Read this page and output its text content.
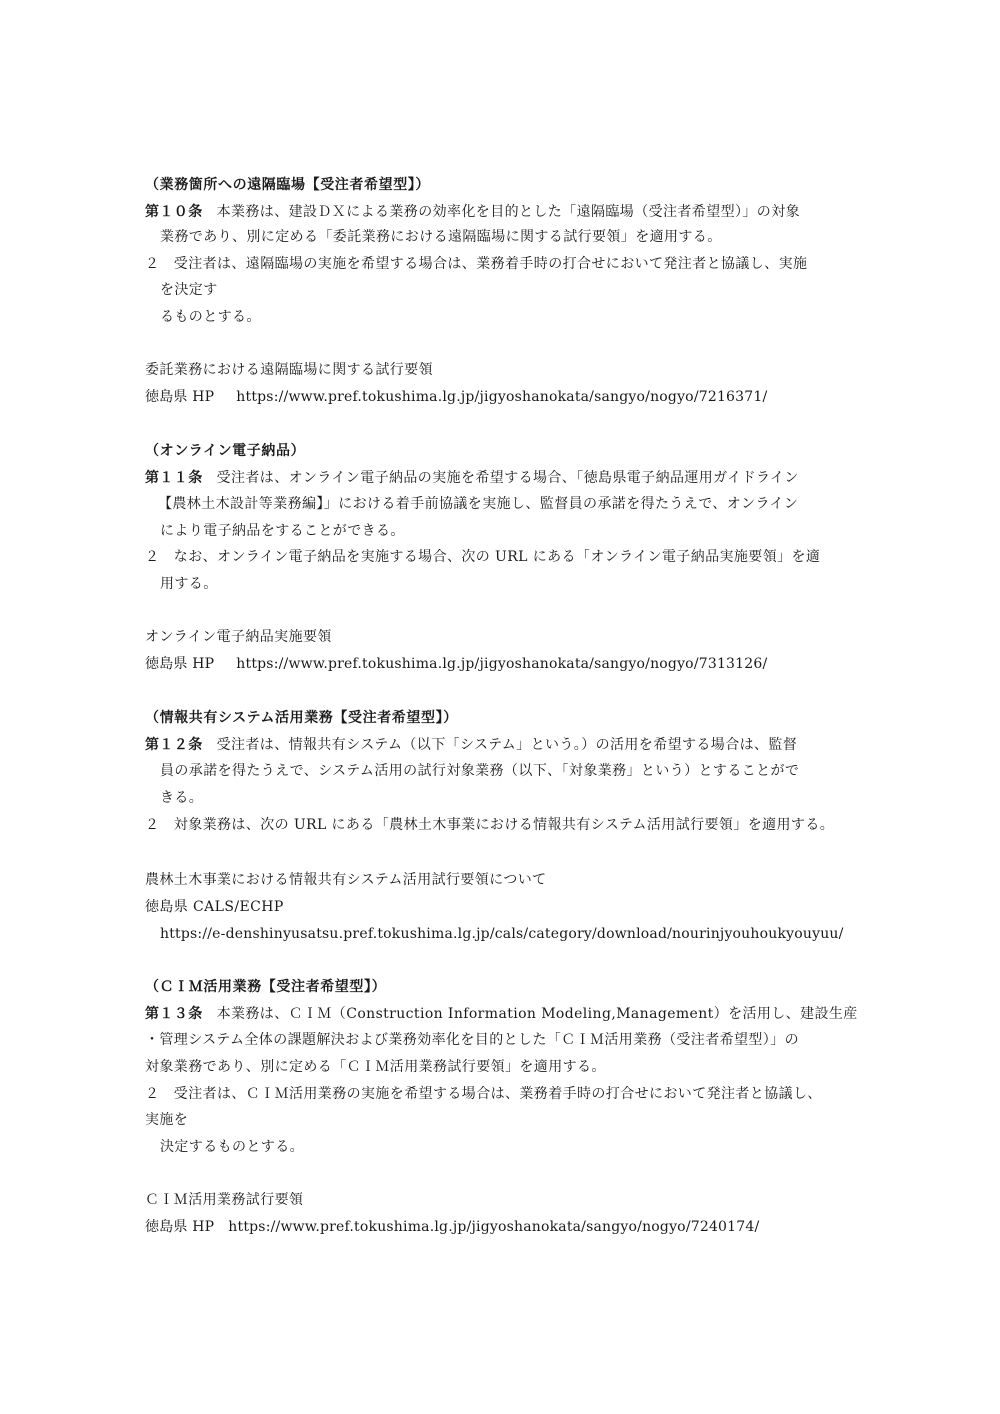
（業務箇所への遠隔臨場【受注者希望型】）
第１０条 本業務は、建設ＤＸによる業務の効率化を目的とした「遠隔臨場（受注者希望型）」の対象
業務であり、別に定める「委託業務における遠隔臨場に関する試行要領」を適用する。
２　受注者は、遠隔臨場の実施を希望する場合は、業務着手時の打合せにおいて発注者と協議し、実施
を決定す
るものとする。
委託業務における遠隔臨場に関する試行要領
徳島県 HP https://www.pref.tokushima.lg.jp/jigyoshanokata/sangyo/nogyo/7216371/
（オンライン電子納品）
第１１条 受注者は、オンライン電子納品の実施を希望する場合、「徳島県電子納品運用ガイドライン
【農林土木設計等業務編】」における着手前協議を実施し、監督員の承諾を得たうえで、オンライン
により電子納品をすることができる。
２　なお、オンライン電子納品を実施する場合、次の URL にある「オンライン電子納品実施要領」を適
用する。
オンライン電子納品実施要領
徳島県 HP https://www.pref.tokushima.lg.jp/jigyoshanokata/sangyo/nogyo/7313126/
（情報共有システム活用業務【受注者希望型】）
第１２条 受注者は、情報共有システム（以下「システム」という。）の活用を希望する場合は、監督
員の承諾を得たうえで、システム活用の試行対象業務（以下、「対象業務」という）とすることがで
きる。
２　対象業務は、次の URL にある「農林土木事業における情報共有システム活用試行要領」を適用する。
農林土木事業における情報共有システム活用試行要領について
徳島県 CALS/ECHP
https://e-denshinyusatsu.pref.tokushima.lg.jp/cals/category/download/nourinjyouhoukyouyuu/
（ＣＩＭ活用業務【受注者希望型】）
第１３条 本業務は、ＣＩＭ（Construction Information Modeling,Management）を活用し、建設生産
・管理システム全体の課題解決および業務効率化を目的とした「ＣＩＭ活用業務（受注者希望型）」の
対象業務であり、別に定める「ＣＩＭ活用業務試行要領」を適用する。
２　受注者は、ＣＩＭ活用業務の実施を希望する場合は、業務着手時の打合せにおいて発注者と協議し、
実施を
決定するものとする。
ＣＩＭ活用業務試行要領
徳島県 HP https://www.pref.tokushima.lg.jp/jigyoshanokata/sangyo/nogyo/7240174/
